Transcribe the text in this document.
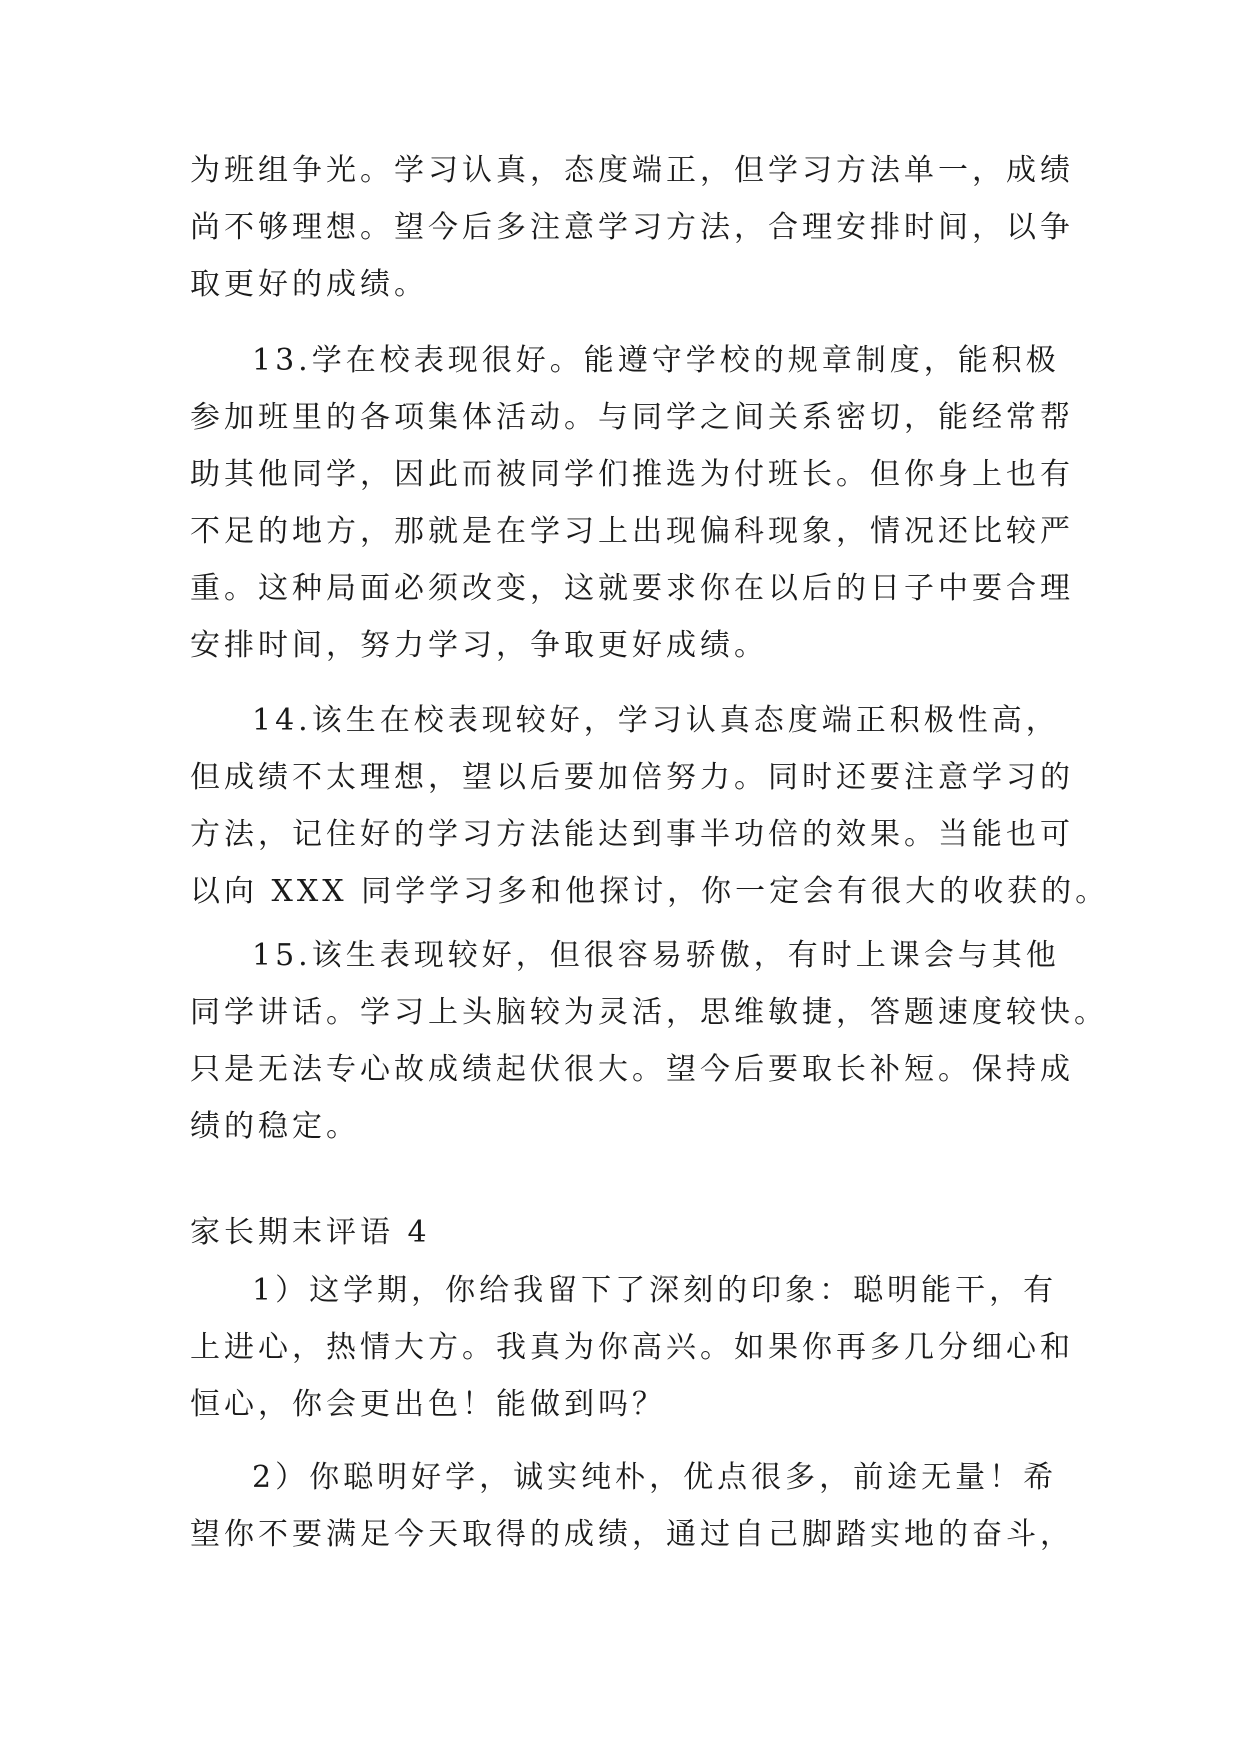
为班组争光。学习认真，态度端正，但学习方法单一，成绩
尚不够理想。望今后多注意学习方法，合理安排时间，以争
取更好的成绩。
13.学在校表现很好。能遵守学校的规章制度，能积极
参加班里的各项集体活动。与同学之间关系密切，能经常帮
助其他同学，因此而被同学们推选为付班长。但你身上也有
不足的地方，那就是在学习上出现偏科现象，情况还比较严
重。这种局面必须改变，这就要求你在以后的日子中要合理
安排时间，努力学习，争取更好成绩。
14.该生在校表现较好，学习认真态度端正积极性高，
但成绩不太理想，望以后要加倍努力。同时还要注意学习的
方法，记住好的学习方法能达到事半功倍的效果。当能也可
以向 XXX 同学学习多和他探讨，你一定会有很大的收获的。
15.该生表现较好，但很容易骄傲，有时上课会与其他
同学讲话。学习上头脑较为灵活，思维敏捷，答题速度较快。
只是无法专心故成绩起伏很大。望今后要取长补短。保持成
绩的稳定。
家长期末评语 4
1）这学期，你给我留下了深刻的印象：聪明能干，有
上进心，热情大方。我真为你高兴。如果你再多几分细心和
恒心，你会更出色！能做到吗？
2）你聪明好学，诚实纯朴，优点很多，前途无量！希
望你不要满足今天取得的成绩，通过自己脚踏实地的奋斗，
